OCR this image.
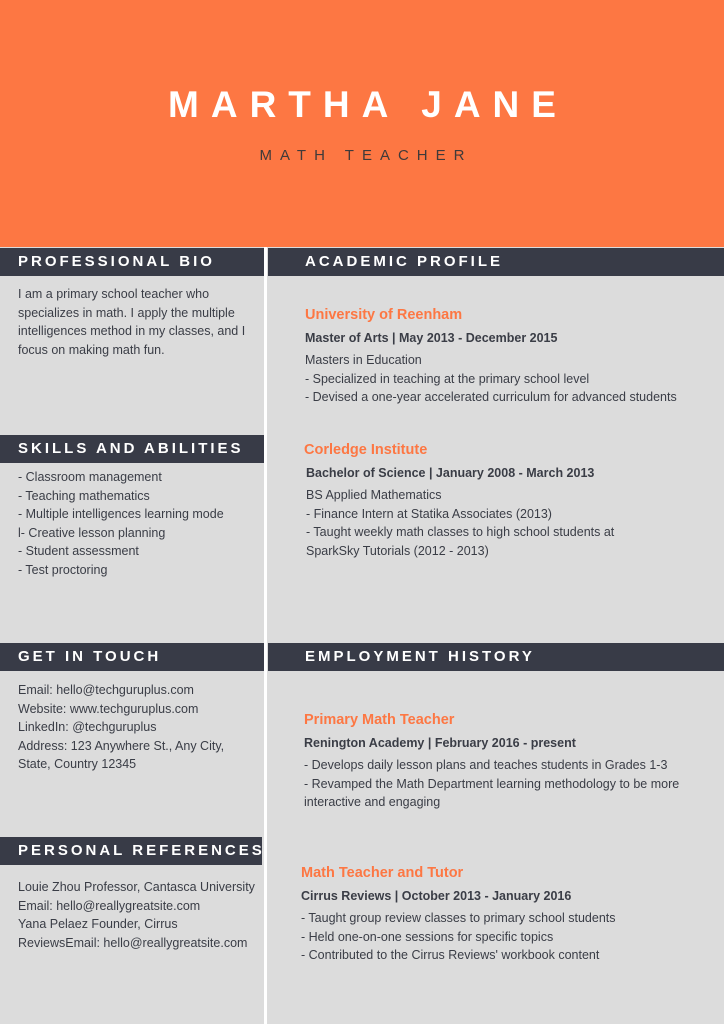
MARTHA JANE
MATH TEACHER
PROFESSIONAL BIO	ACADEMIC PROFILE
SKILLS AND ABILITIES
GET IN TOUCH	EMPLOYMENT HISTORY
PERSONAL REFERENCES
I am a primary school teacher who specializes in math. I apply the multiple intelligences method in my classes, and I focus on making math fun.
- Classroom management
- Teaching mathematics
- Multiple intelligences learning mode
l- Creative lesson planning
- Student assessment
- Test proctoring
Email: hello@techguruplus.com
Website: www.techguruplus.com
LinkedIn: @techguruplus
Address: 123 Anywhere St., Any City, State, Country 12345
Louie Zhou Professor, Cantasca University
Email: hello@reallygreatsite.com
Yana Pelaez Founder, Cirrus ReviewsEmail: hello@reallygreatsite.com
University of Reenham
Master of Arts | May 2013 - December 2015
Masters in Education
- Specialized in teaching at the primary school level
- Devised a one-year accelerated curriculum for advanced students
Corledge Institute
Bachelor of Science | January 2008 - March 2013
BS Applied Mathematics
- Finance Intern at Statika Associates (2013)
- Taught weekly math classes to high school students at SparkSky Tutorials (2012 - 2013)
Primary Math Teacher
Renington Academy | February 2016 - present
- Develops daily lesson plans and teaches students in Grades 1-3
- Revamped the Math Department learning methodology to be more interactive and engaging
Math Teacher and Tutor
Cirrus Reviews | October 2013 - January 2016
- Taught group review classes to primary school students
- Held one-on-one sessions for specific topics
- Contributed to the Cirrus Reviews' workbook content
